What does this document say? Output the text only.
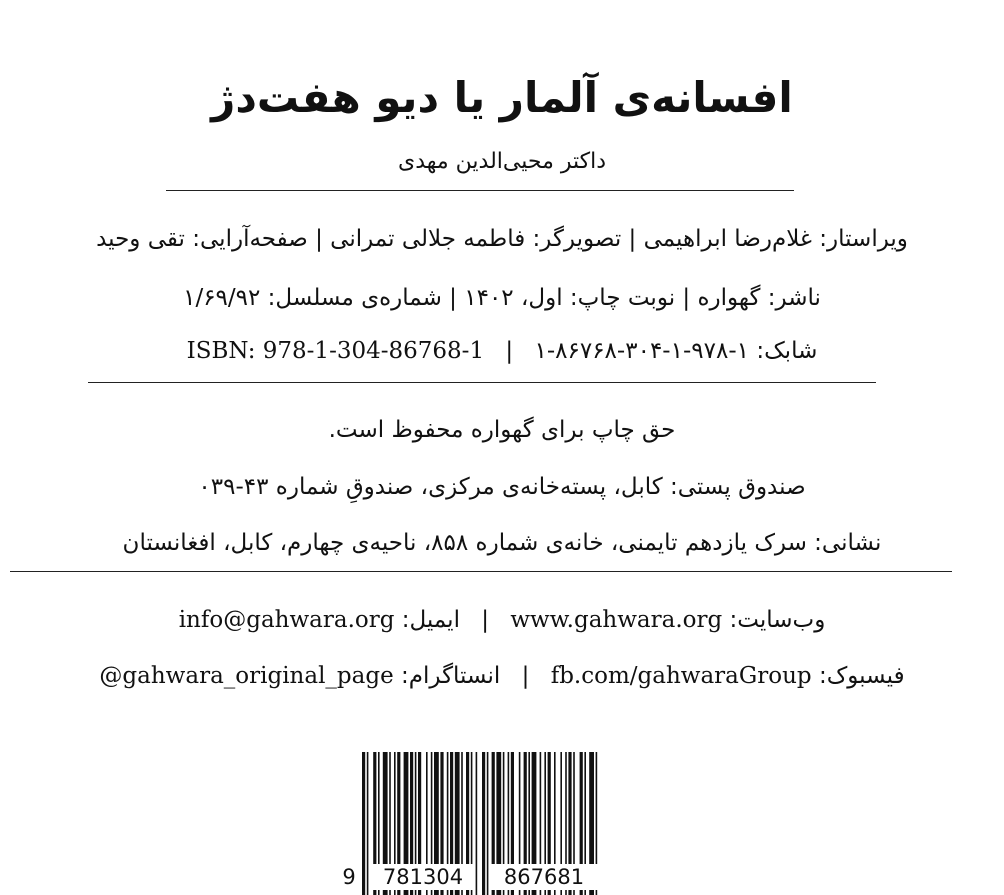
افسانه‌ی آلمار یا دیو هفت‌دژ
داکتر محیی‌الدین مهدی
ویراستار: غلام‌رضا ابراهیمی | تصویرگر: فاطمه جلالی تمرانی | صفحه‌آرایی: تقی وحید
ناشر: گهواره | نوبت چاپ: اول، ۱۴۰۲ | شماره‌ی مسلسل: ۱/۶۹/۹۲
شابک: ۱-۹۷۸-۱-۳۰۴-۸۶۷۶۸-۱ | ISBN: 978-1-304-86768-1
حق چاپ برای گهواره محفوظ است.
صندوق پستی: کابل، پسته‌خانه‌ی مرکزی، صندوقِ شماره ۴۳-۰۳۹
نشانی: سرک یازدهم تایمنی، خانه‌ی شماره ۸۵۸، ناحیه‌ی چهارم، کابل، افغانستان
وب‌سایت: www.gahwara.org | ایمیل: info@gahwara.org
فیسبوک: fb.com/gahwaraGroup | انستاگرام: @gahwara_original_page
9	781304	867681
